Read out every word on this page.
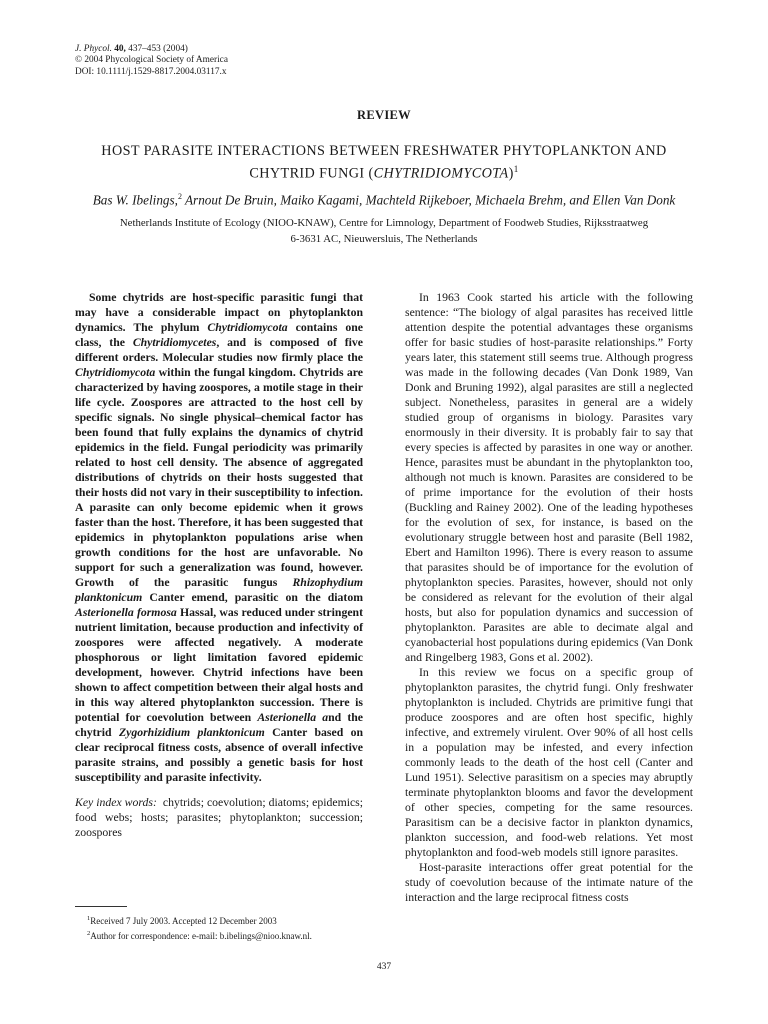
J. Phycol. 40, 437–453 (2004)
© 2004 Phycological Society of America
DOI: 10.1111/j.1529-8817.2004.03117.x
REVIEW
HOST PARASITE INTERACTIONS BETWEEN FRESHWATER PHYTOPLANKTON AND
CHYTRID FUNGI (CHYTRIDIOMYCOTA)$^1$
Bas W. Ibelings,$^2$ Arnout De Bruin, Maiko Kagami, Machteld Rijkeboer, Michaela Brehm, and Ellen Van Donk
Netherlands Institute of Ecology (NIOO-KNAW), Centre for Limnology, Department of Foodweb Studies, Rijksstraatweg
6-3631 AC, Nieuwersluis, The Netherlands

Some chytrids are host-specific parasitic fungi that may have a considerable impact on phytoplankton dynamics. The phylum Chytridiomycota contains one class, the Chytridiomycetes, and is composed of five different orders. Molecular studies now firmly place the Chytridiomycota within the fungal kingdom. Chytrids are characterized by having zoospores, a motile stage in their life cycle. Zoospores are attracted to the host cell by specific signals. No single physical–chemical factor has been found that fully explains the dynamics of chytrid epidemics in the field. Fungal periodicity was primarily related to host cell density. The absence of aggregated distributions of chytrids on their hosts suggested that their hosts did not vary in their susceptibility to infection. A parasite can only become epidemic when it grows faster than the host. Therefore, it has been suggested that epidemics in phytoplankton populations arise when growth conditions for the host are unfavorable. No support for such a generalization was found, however. Growth of the parasitic fungus Rhizophydium planktonicum Canter emend, parasitic on the diatom Asterionella formosa Hassal, was reduced under stringent nutrient limitation, because production and infectivity of zoospores were affected negatively. A moderate phosphorous or light limitation favored epidemic development, however. Chytrid infections have been shown to affect competition between their algal hosts and in this way altered phytoplankton succession. There is potential for coevolution between Asterionella and the chytrid Zygorhizidium planktonicum Canter based on clear reciprocal fitness costs, absence of overall infective parasite strains, and possibly a genetic basis for host susceptibility and parasite infectivity.

Key index words: chytrids; coevolution; diatoms; epidemics; food webs; hosts; parasites; phytoplankton; succession; zoospores

In 1963 Cook started his article with the following sentence: “The biology of algal parasites has received little attention despite the potential advantages these organisms offer for basic studies of host-parasite relationships.” Forty years later, this statement still seems true. Although progress was made in the following decades (Van Donk 1989, Van Donk and Bruning 1992), algal parasites are still a neglected subject. Nonetheless, parasites in general are a widely studied group of organisms in biology. Parasites vary enormously in their diversity. It is probably fair to say that every species is affected by parasites in one way or another. Hence, parasites must be abundant in the phytoplankton too, although not much is known. Parasites are considered to be of prime importance for the evolution of their hosts (Buckling and Rainey 2002). One of the leading hypotheses for the evolution of sex, for instance, is based on the evolutionary struggle between host and parasite (Bell 1982, Ebert and Hamilton 1996). There is every reason to assume that parasites should be of importance for the evolution of phytoplankton species. Parasites, however, should not only be considered as relevant for the evolution of their algal hosts, but also for population dynamics and succession of phytoplankton. Parasites are able to decimate algal and cyanobacterial host populations during epidemics (Van Donk and Ringelberg 1983, Gons et al. 2002).

In this review we focus on a specific group of phytoplankton parasites, the chytrid fungi. Only freshwater phytoplankton is included. Chytrids are primitive fungi that produce zoospores and are often host specific, highly infective, and extremely virulent. Over 90% of all host cells in a population may be infested, and every infection commonly leads to the death of the host cell (Canter and Lund 1951). Selective parasitism on a species may abruptly terminate phytoplankton blooms and favor the development of other species, competing for the same resources. Parasitism can be a decisive factor in plankton dynamics, plankton succession, and food-web relations. Yet most phytoplankton and food-web models still ignore parasites.

Host-parasite interactions offer great potential for the study of coevolution because of the intimate nature of the interaction and the large reciprocal fitness costs

$^1$Received 7 July 2003. Accepted 12 December 2003
$^2$Author for correspondence: e-mail: b.ibelings@nioo.knaw.nl.
437
